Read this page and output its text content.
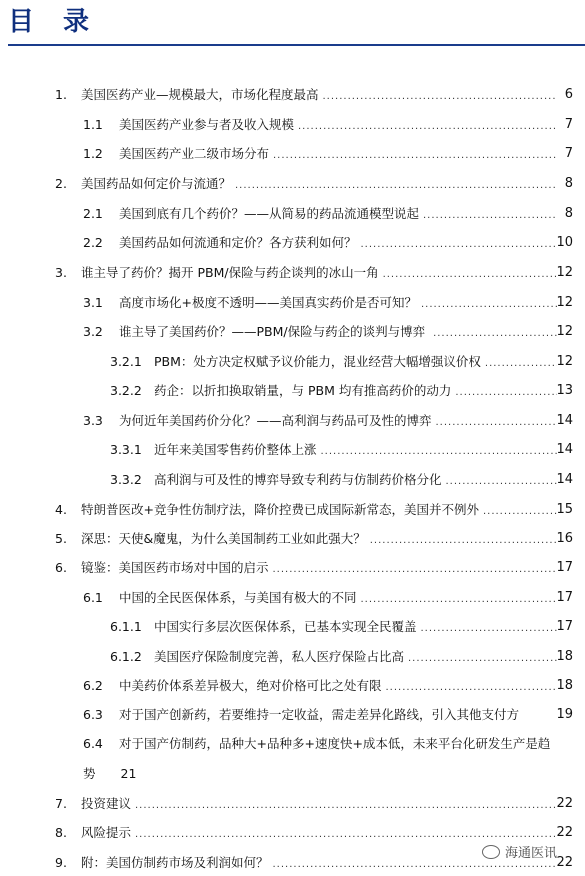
目 录
1. 美国医药产业—规模最大，市场化程度最高 .....	6
1.1 美国医药产业参与者及收入规模 .....	7
1.2 美国医药产业二级市场分布 .....	7
2. 美国药品如何定价与流通？ .....	8
2.1 美国到底有几个药价？——从简易的药品流通模型说起 .....	8
2.2 美国药品如何流通和定价？各方获利如何？ .....	10
3. 谁主导了药价？揭开 PBM/保险与药企谈判的冰山一角 .....	12
3.1 高度市场化+极度不透明——美国真实药价是否可知？ .....	12
3.2 谁主导了美国药价？——PBM/保险与药企的谈判与博弈 .....	12
3.2.1 PBM：处方决定权赋予议价能力，混业经营大幅增强议价权 .....	12
3.2.2 药企：以折扣换取销量，与 PBM 均有推高药价的动力 .....	13
3.3 为何近年美国药价分化？——高利润与药品可及性的博弈 .....	14
3.3.1 近年来美国零售药价整体上涨 .....	14
3.3.2 高利润与可及性的博弈导致专利药与仿制药价格分化 .....	14
4. 特朗普医改+竞争性仿制疗法，降价控费已成国际新常态，美国并不例外 .....	15
5. 深思：天使&魔鬼，为什么美国制药工业如此强大？ .....	16
6. 镜鉴：美国医药市场对中国的启示 .....	17
6.1 中国的全民医保体系，与美国有极大的不同 .....	17
6.1.1 中国实行多层次医保体系，已基本实现全民覆盖 .....	17
6.1.2 美国医疗保险制度完善，私人医疗保险占比高 .....	18
6.2 中美药价体系差异极大，绝对价格可比之处有限 .....	18
6.3 对于国产创新药，若要维持一定收益，需走差异化路线，引入其他支付方	19
6.4 对于国产仿制药，品种大+品种多+速度快+成本低，未来平台化研发生产是趋
势　　21
7. 投资建议 .....	22
8. 风险提示 .....	22
9. 附：美国仿制药市场及利润如何？ .....	22
海通医讯
